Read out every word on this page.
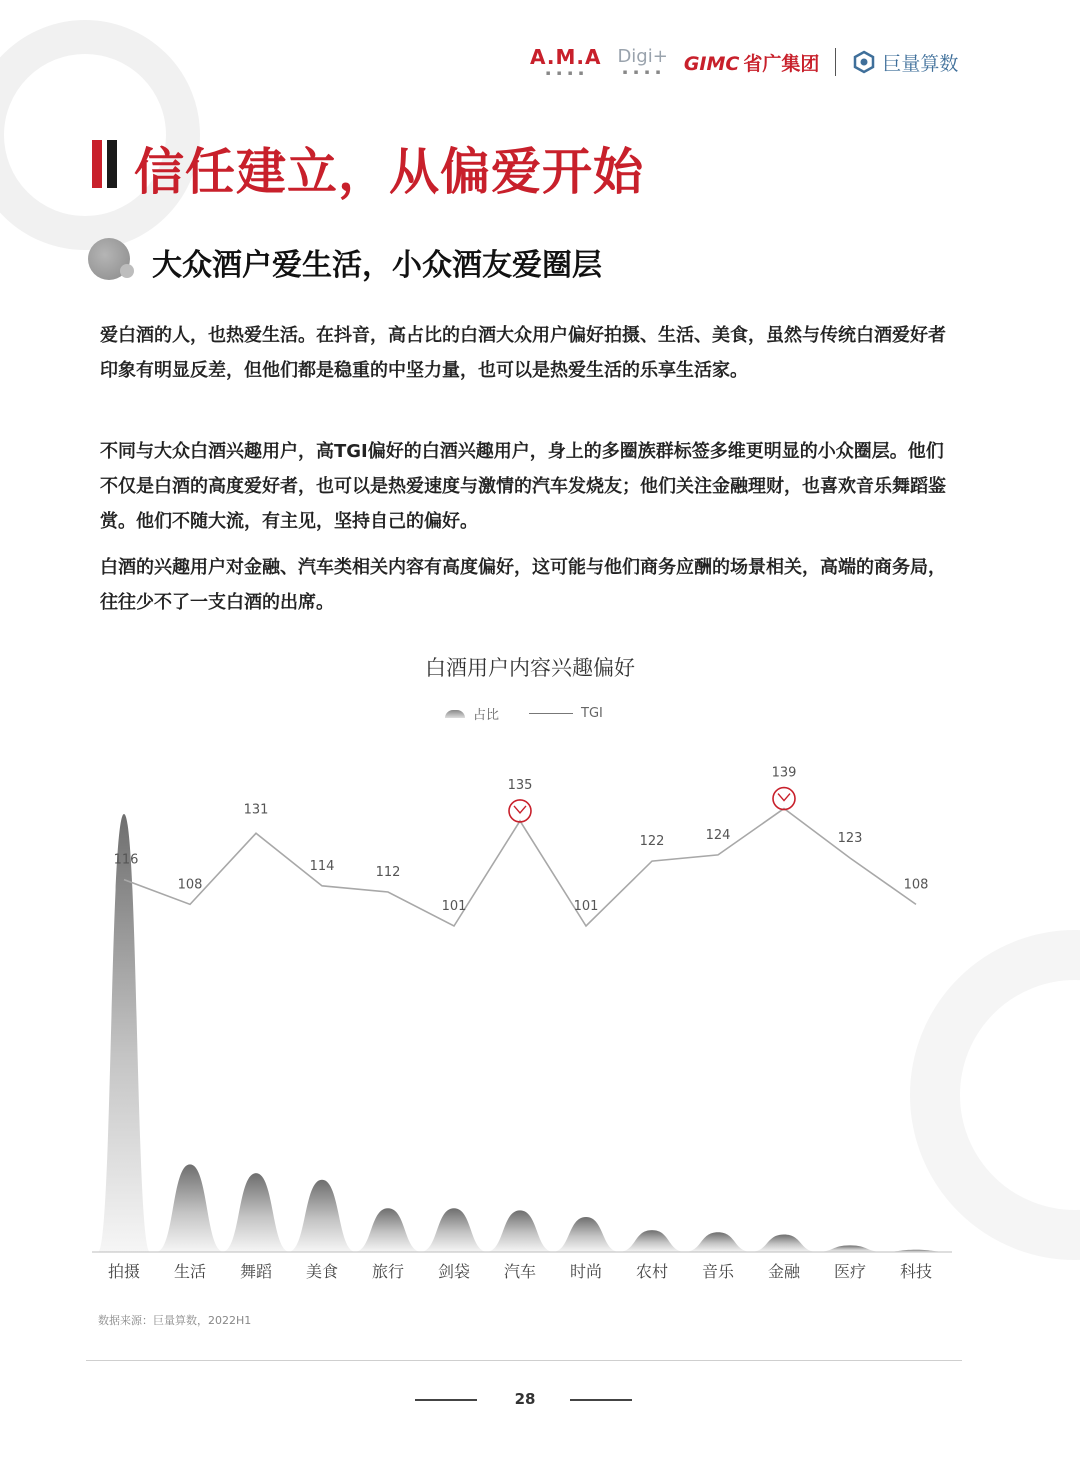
A.M.A
▪ ▪ ▪ ▪
Digi+
▪ ▪ ▪ ▪ GIMC 省广集团	巨量算数
信任建立，从偏爱开始
大众酒户爱生活，小众酒友爱圈层

爱白酒的人，也热爱生活。在抖音，高占比的白酒大众用户偏好拍摄、生活、美食，虽然与传统白酒爱好者印象有明显反差，但他们都是稳重的中坚力量，也可以是热爱生活的乐享生活家。

不同与大众白酒兴趣用户，高TGI偏好的白酒兴趣用户，身上的多圈族群标签多维更明显的小众圈层。他们不仅是白酒的高度爱好者，也可以是热爱速度与激情的汽车发烧友；他们关注金融理财，也喜欢音乐舞蹈鉴赏。他们不随大流，有主见，坚持自己的偏好。

白酒的兴趣用户对金融、汽车类相关内容有高度偏好，这可能与他们商务应酬的场景相关，高端的商务局，往往少不了一支白酒的出席。

白酒用户内容兴趣偏好
占比	TGI
116
108
131
114	112
101
135
101
122	124
139
123
108
拍摄 生活 舞蹈 美食 旅行 剑袋 汽车 时尚 农村 音乐 金融 医疗 科技
数据来源：巨量算数，2022H1
28
